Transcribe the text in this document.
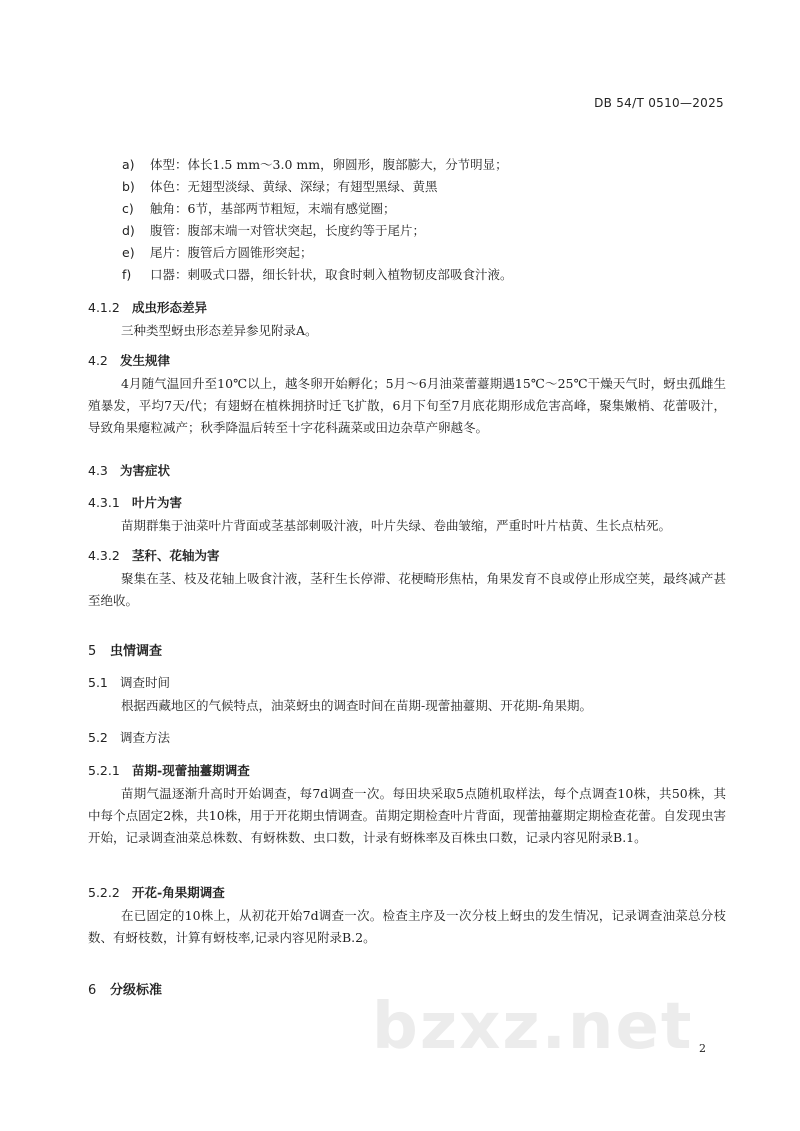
DB 54/T 0510—2025
a) 体型：体长1.5 mm～3.0 mm，卵圆形，腹部膨大，分节明显；
b) 体色：无翅型淡绿、黄绿、深绿；有翅型黑绿、黄黑
c) 触角：6节，基部两节粗短，末端有感觉圈；
d) 腹管：腹部末端一对管状突起，长度约等于尾片；
e) 尾片：腹管后方圆锥形突起；
f) 口器：刺吸式口器，细长针状，取食时刺入植物韧皮部吸食汁液。
4.1.2 成虫形态差异

三种类型蚜虫形态差异参见附录A。

4.2 发生规律

4月随气温回升至10℃以上，越冬卵开始孵化；5月～6月油菜蕾薹期遇15℃～25℃干燥天气时，蚜虫孤雌生殖暴发，平均7天/代；有翅蚜在植株拥挤时迁飞扩散，6月下旬至7月底花期形成危害高峰，聚集嫩梢、花蕾吸汁，导致角果瘪粒减产；秋季降温后转至十字花科蔬菜或田边杂草产卵越冬。

4.3 为害症状
4.3.1 叶片为害

苗期群集于油菜叶片背面或茎基部刺吸汁液，叶片失绿、卷曲皱缩，严重时叶片枯黄、生长点枯死。

4.3.2 茎秆、花轴为害

聚集在茎、枝及花轴上吸食汁液，茎秆生长停滞、花梗畸形焦枯，角果发育不良或停止形成空荚，最终减产甚至绝收。

5 虫情调查
5.1 调查时间

根据西藏地区的气候特点，油菜蚜虫的调查时间在苗期-现蕾抽薹期、开花期-角果期。

5.2 调查方法
5.2.1 苗期-现蕾抽薹期调查

苗期气温逐渐升高时开始调查，每7d调查一次。每田块采取5点随机取样法，每个点调查10株，共50株，其中每个点固定2株，共10株，用于开花期虫情调查。苗期定期检查叶片背面，现蕾抽薹期定期检查花蕾。自发现虫害开始，记录调查油菜总株数、有蚜株数、虫口数，计录有蚜株率及百株虫口数，记录内容见附录B.1。

5.2.2 开花-角果期调查

在已固定的10株上，从初花开始7d调查一次。检查主序及一次分枝上蚜虫的发生情况，记录调查油菜总分枝数、有蚜枝数，计算有蚜枝率,记录内容见附录B.2。

6 分级标准	bzxz.net 2
